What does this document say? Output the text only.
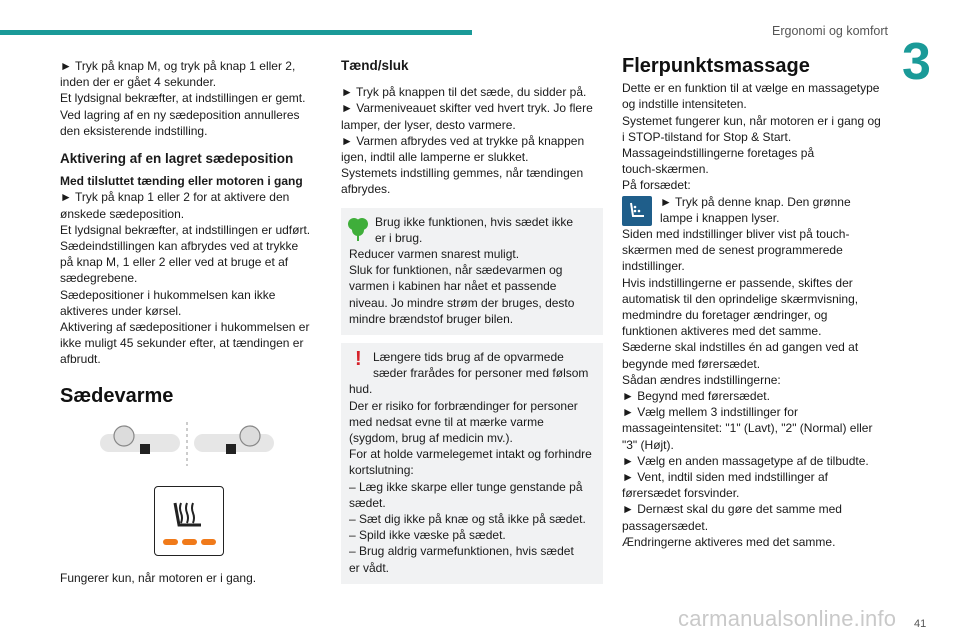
Ergonomi og komfort
3

► Tryk på knap M, og tryk på knap 1 eller 2,

inden der er gået 4 sekunder.

Et lydsignal bekræfter, at indstillingen er gemt.

Ved lagring af en ny sædeposition annulleres

den eksisterende indstilling.

Aktivering af en lagret sædeposition

Med tilsluttet tænding eller motoren i gang

► Tryk på knap 1 eller 2 for at aktivere den

ønskede sædeposition.

Et lydsignal bekræfter, at indstillingen er udført.

Sædeindstillingen kan afbrydes ved at trykke

på knap M, 1 eller 2 eller ved at bruge et af

sædegrebene.

Sædepositioner i hukommelsen kan ikke

aktiveres under kørsel.

Aktivering af sædepositioner i hukommelsen er

ikke muligt 45 sekunder efter, at tændingen er

afbrudt.

Sædevarme

Fungerer kun, når motoren er i gang.

Tænd/sluk

► Tryk på knappen til det sæde, du sidder på.

► Varmeniveauet skifter ved hvert tryk. Jo flere

lamper, der lyser, desto varmere.

► Varmen afbrydes ved at trykke på knappen

igen, indtil alle lamperne er slukket.

Systemets indstilling gemmes, når tændingen

afbrydes.

Brug ikke funktionen, hvis sædet ikke

er i brug.

Reducer varmen snarest muligt.

Sluk for funktionen, når sædevarmen og

varmen i kabinen har nået et passende

niveau. Jo mindre strøm der bruges, desto

mindre brændstof bruger bilen.

! Længere tids brug af de opvarmede

sæder frarådes for personer med følsom

hud.

Der er risiko for forbrændinger for personer

med nedsat evne til at mærke varme

(sygdom, brug af medicin mv.).

For at holde varmelegemet intakt og forhindre

kortslutning:

– Læg ikke skarpe eller tunge genstande på

sædet.

– Sæt dig ikke på knæ og stå ikke på sædet.

– Spild ikke væske på sædet.

– Brug aldrig varmefunktionen, hvis sædet

er vådt.

Flerpunktsmassage

Dette er en funktion til at vælge en massagetype

og indstille intensiteten.

Systemet fungerer kun, når motoren er i gang og

i STOP-tilstand for Stop & Start.

Massageindstillingerne foretages på

touch-skærmen.

På forsædet:

► Tryk på denne knap. Den grønne

lampe i knappen lyser.

Siden med indstillinger bliver vist på touch-

skærmen med de senest programmerede

indstillinger.

Hvis indstillingerne er passende, skiftes der

automatisk til den oprindelige skærmvisning,

medmindre du foretager ændringer, og

funktionen aktiveres med det samme.

Sæderne skal indstilles én ad gangen ved at

begynde med førersædet.

Sådan ændres indstillingerne:

► Begynd med førersædet.

► Vælg mellem 3 indstillinger for

massageintensitet: "1" (Lavt), "2" (Normal) eller

"3" (Højt).

► Vælg en anden massagetype af de tilbudte.

► Vent, indtil siden med indstillinger af

førersædet forsvinder.

► Dernæst skal du gøre det samme med

passagersædet.

Ændringerne aktiveres med det samme.

carmanualsonline.info 41
